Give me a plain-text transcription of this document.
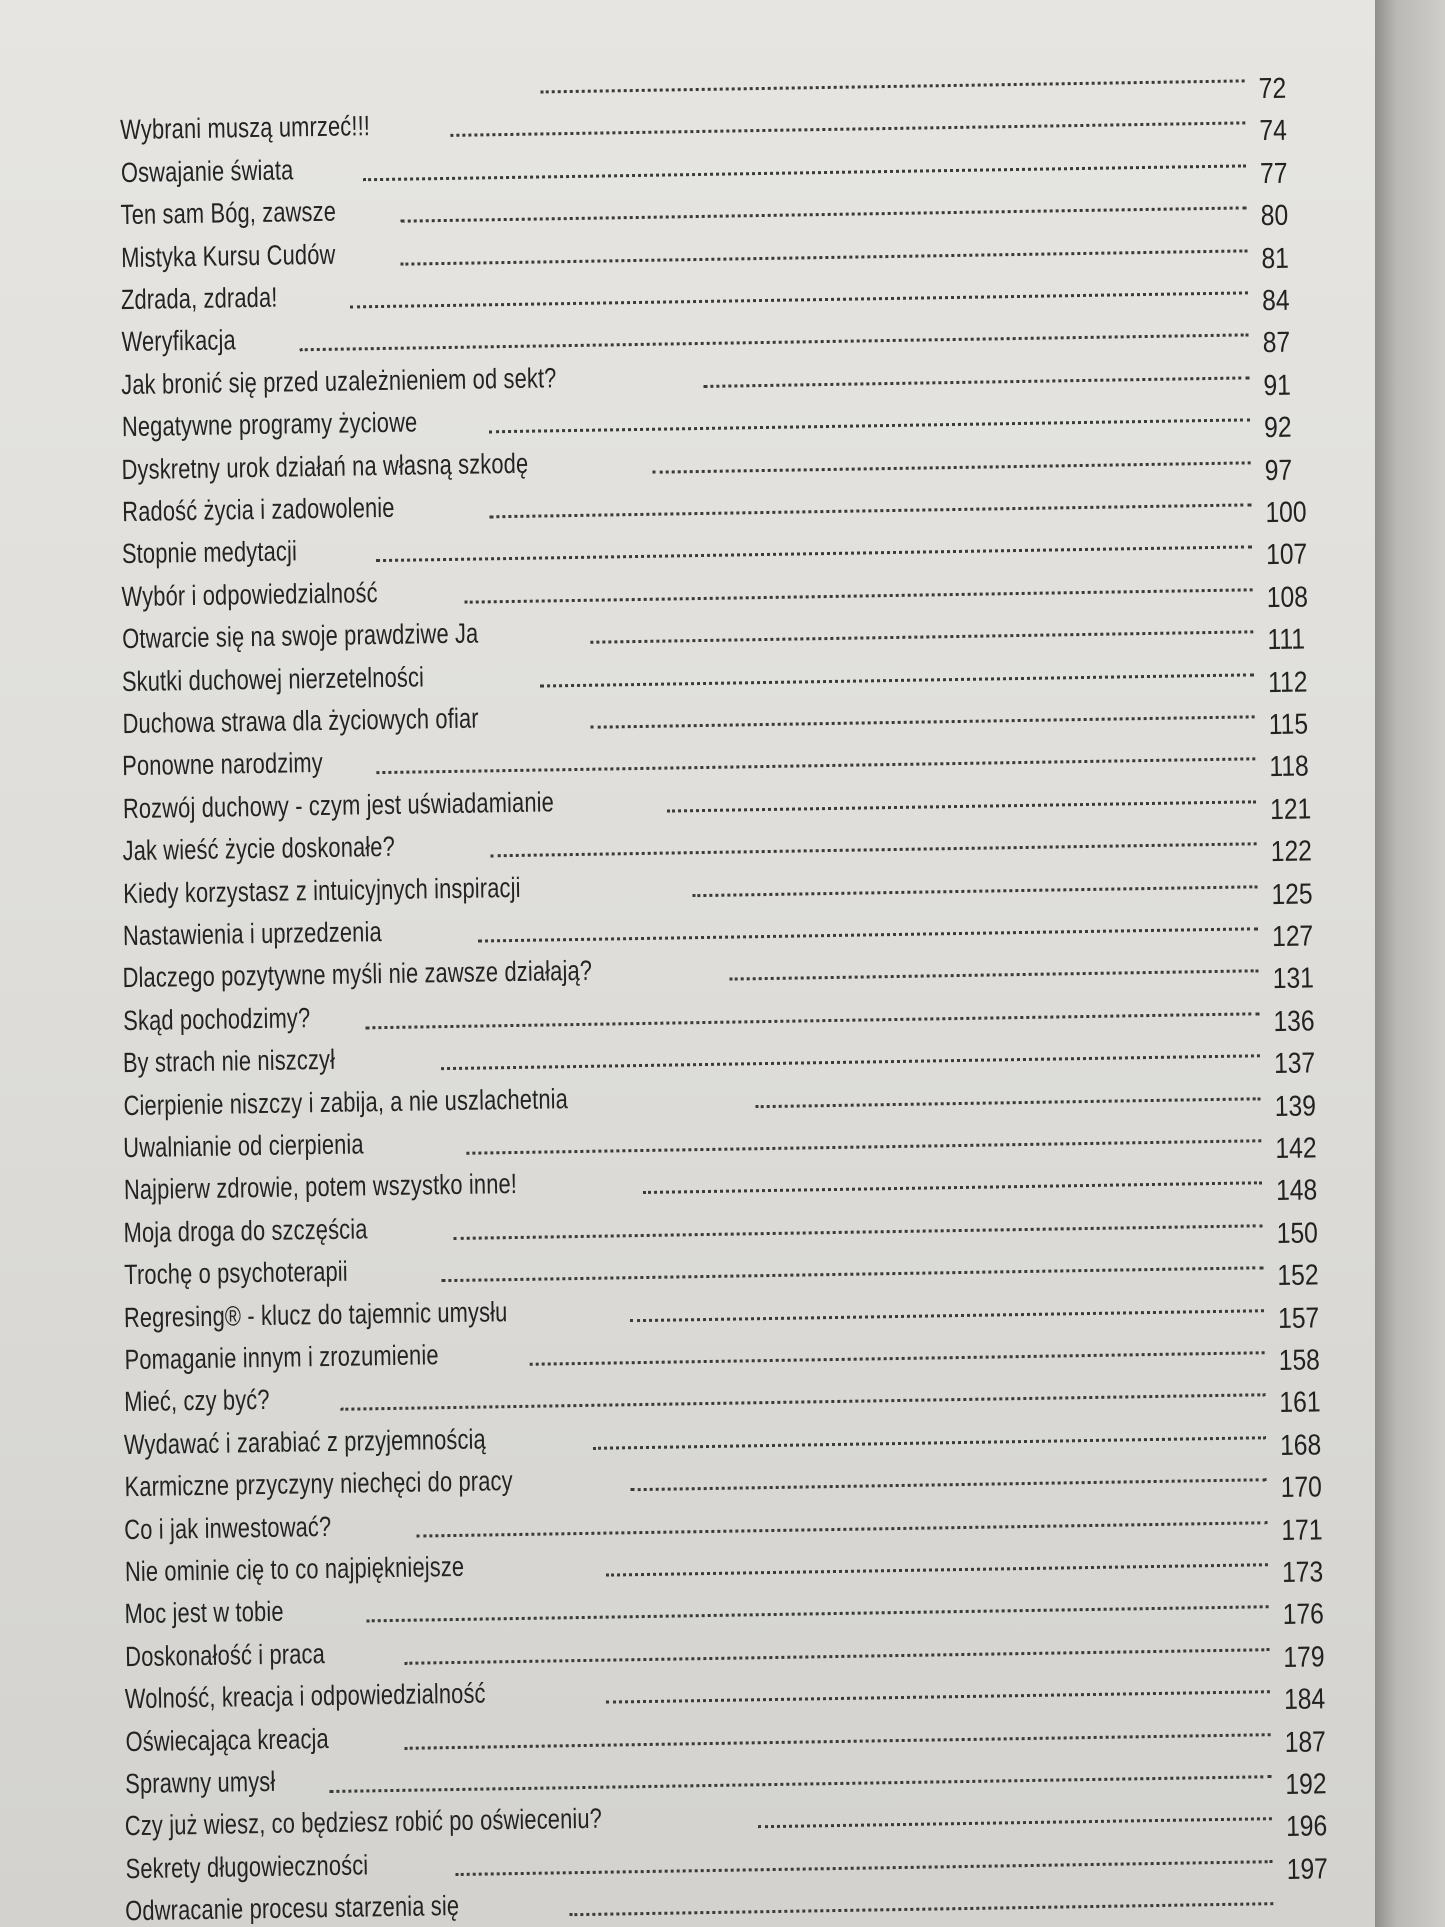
72
Wybrani muszą umrzeć!!!	74
Oswajanie świata	77
Ten sam Bóg, zawsze	80
Mistyka Kursu Cudów	81
Zdrada, zdrada!	84
Weryfikacja	87
Jak bronić się przed uzależnieniem od sekt?	91
Negatywne programy życiowe	92
Dyskretny urok działań na własną szkodę	97
Radość życia i zadowolenie	100
Stopnie medytacji	107
Wybór i odpowiedzialność	108
Otwarcie się na swoje prawdziwe Ja	111
Skutki duchowej nierzetelności	112
Duchowa strawa dla życiowych ofiar	115
Ponowne narodzimy	118
Rozwój duchowy - czym jest uświadamianie	121
Jak wieść życie doskonałe?	122
Kiedy korzystasz z intuicyjnych inspiracji	125
Nastawienia i uprzedzenia	127
Dlaczego pozytywne myśli nie zawsze działają?	131
Skąd pochodzimy?	136
By strach nie niszczył	137
Cierpienie niszczy i zabija, a nie uszlachetnia	139
Uwalnianie od cierpienia	142
Najpierw zdrowie, potem wszystko inne!	148
Moja droga do szczęścia	150
Trochę o psychoterapii	152
Regresing® - klucz do tajemnic umysłu	157
Pomaganie innym i zrozumienie	158
Mieć, czy być?	161
Wydawać i zarabiać z przyjemnością	168
Karmiczne przyczyny niechęci do pracy	170
Co i jak inwestować?	171
Nie ominie cię to co najpiękniejsze	173
Moc jest w tobie	176
Doskonałość i praca	179
Wolność, kreacja i odpowiedzialność	184
Oświecająca kreacja	187
Sprawny umysł	192
Czy już wiesz, co będziesz robić po oświeceniu?	196
Sekrety długowieczności	197
Odwracanie procesu starzenia się
